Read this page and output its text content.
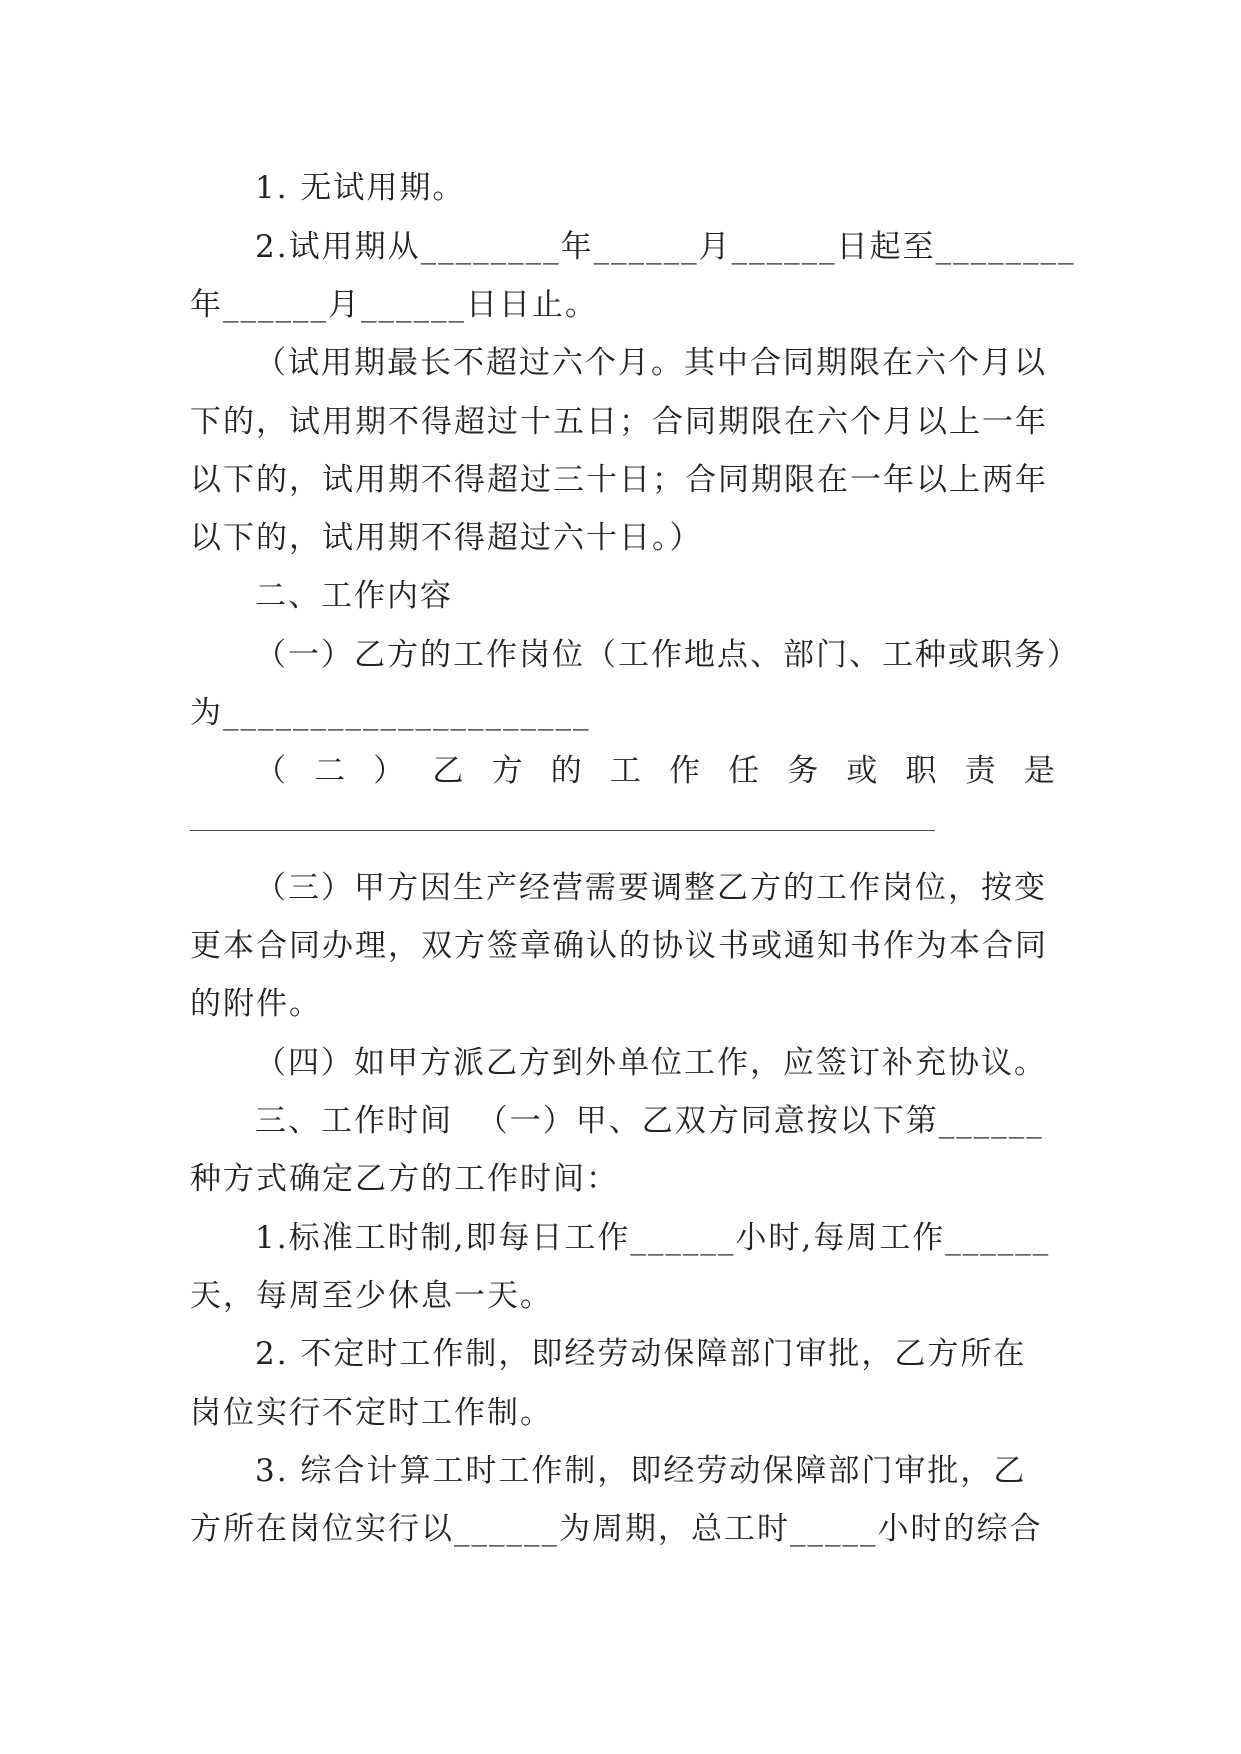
1. 无试用期。
2.试用期从________年______月______日起至________
年______月______日日止。
（试用期最长不超过六个月。其中合同期限在六个月以
下的，试用期不得超过十五日；合同期限在六个月以上一年
以下的，试用期不得超过三十日；合同期限在一年以上两年
以下的，试用期不得超过六十日。）
二、工作内容
（一）乙方的工作岗位（工作地点、部门、工种或职务）
为_____________________
（ 二 ） 乙 方 的 工 作 任 务 或 职 责 是
（三）甲方因生产经营需要调整乙方的工作岗位，按变
更本合同办理，双方签章确认的协议书或通知书作为本合同
的附件。
（四）如甲方派乙方到外单位工作，应签订补充协议。
三、工作时间  （一）甲、乙双方同意按以下第______
种方式确定乙方的工作时间：
1.标准工时制,即每日工作______小时,每周工作______
天，每周至少休息一天。
2. 不定时工作制，即经劳动保障部门审批，乙方所在
岗位实行不定时工作制。
3. 综合计算工时工作制，即经劳动保障部门审批，乙
方所在岗位实行以______为周期，总工时_____小时的综合
